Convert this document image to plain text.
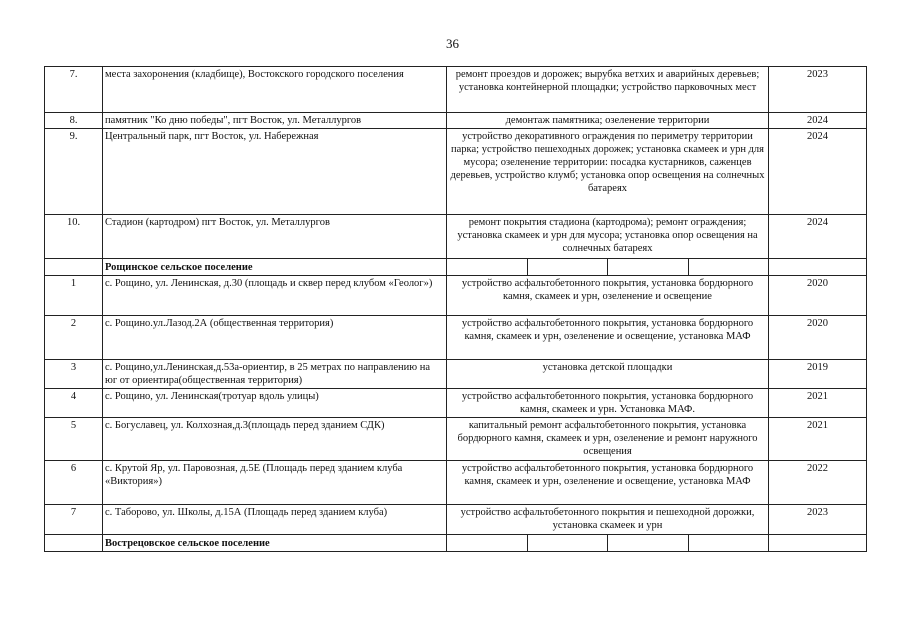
36
7.	места захоронения (кладбище), Востокского городского поселения	ремонт проездов и дорожек; вырубка ветхих и аварийных деревьев; установка контейнерной площадки; устройство парковочных мест	2023
8.	памятник "Ко дню победы", пгт Восток, ул. Металлургов	демонтаж памятника; озеленение территории	2024
9.	Центральный парк, пгт Восток, ул. Набережная	устройство декоративного ограждения по периметру территории парка; устройство пешеходных дорожек; установка скамеек и урн для мусора; озеленение территории: посадка кустарников, саженцев деревьев, устройство клумб; установка опор освещения на солнечных батареях	2024
10.	Стадион (картодром) пгт Восток, ул. Металлургов	ремонт покрытия стадиона (картодрома); ремонт ограждения; установка скамеек и урн для мусора; установка опор освещения на солнечных батареях	2024
	Рощинское сельское поселение	

1	с. Рощино, ул. Ленинская, д.30 (площадь и сквер перед клубом «Геолог»)	устройство асфальтобетонного покрытия, установка бордюрного камня, скамеек и урн, озеленение и освещение	2020
2	с. Рощино.ул.Лазод.2А (общественная территория)	устройство асфальтобетонного покрытия, установка бордюрного камня, скамеек и урн, озеленение и освещение, установка МАФ	2020
3	с. Рощино,ул.Ленинская,д.53а-ориентир, в 25 метрах по направлению на юг от ориентира(общественная территория)	установка детской площадки	2019
4	с. Рощино, ул. Ленинская(тротуар вдоль улицы)	устройство асфальтобетонного покрытия, установка бордюрного камня, скамеек и урн. Установка МАФ.	2021
5	с. Богуславец, ул. Колхозная,д.3(площадь перед зданием СДК)	капитальный ремонт асфальтобетонного покрытия, установка бордюрного камня, скамеек и урн, озеленение и ремонт наружного освещения	2021
6	с. Крутой Яр, ул. Паровозная, д.5Е (Площадь перед зданием клуба «Виктория»)	устройство асфальтобетонного покрытия, установка бордюрного камня, скамеек и урн, озеленение и освещение, установка МАФ	2022
7	с. Таборово, ул. Школы, д.15А (Площадь перед зданием клуба)	устройство асфальтобетонного покрытия и пешеходной дорожки, установка скамеек и урн	2023
	Вострецовское сельское поселение	
